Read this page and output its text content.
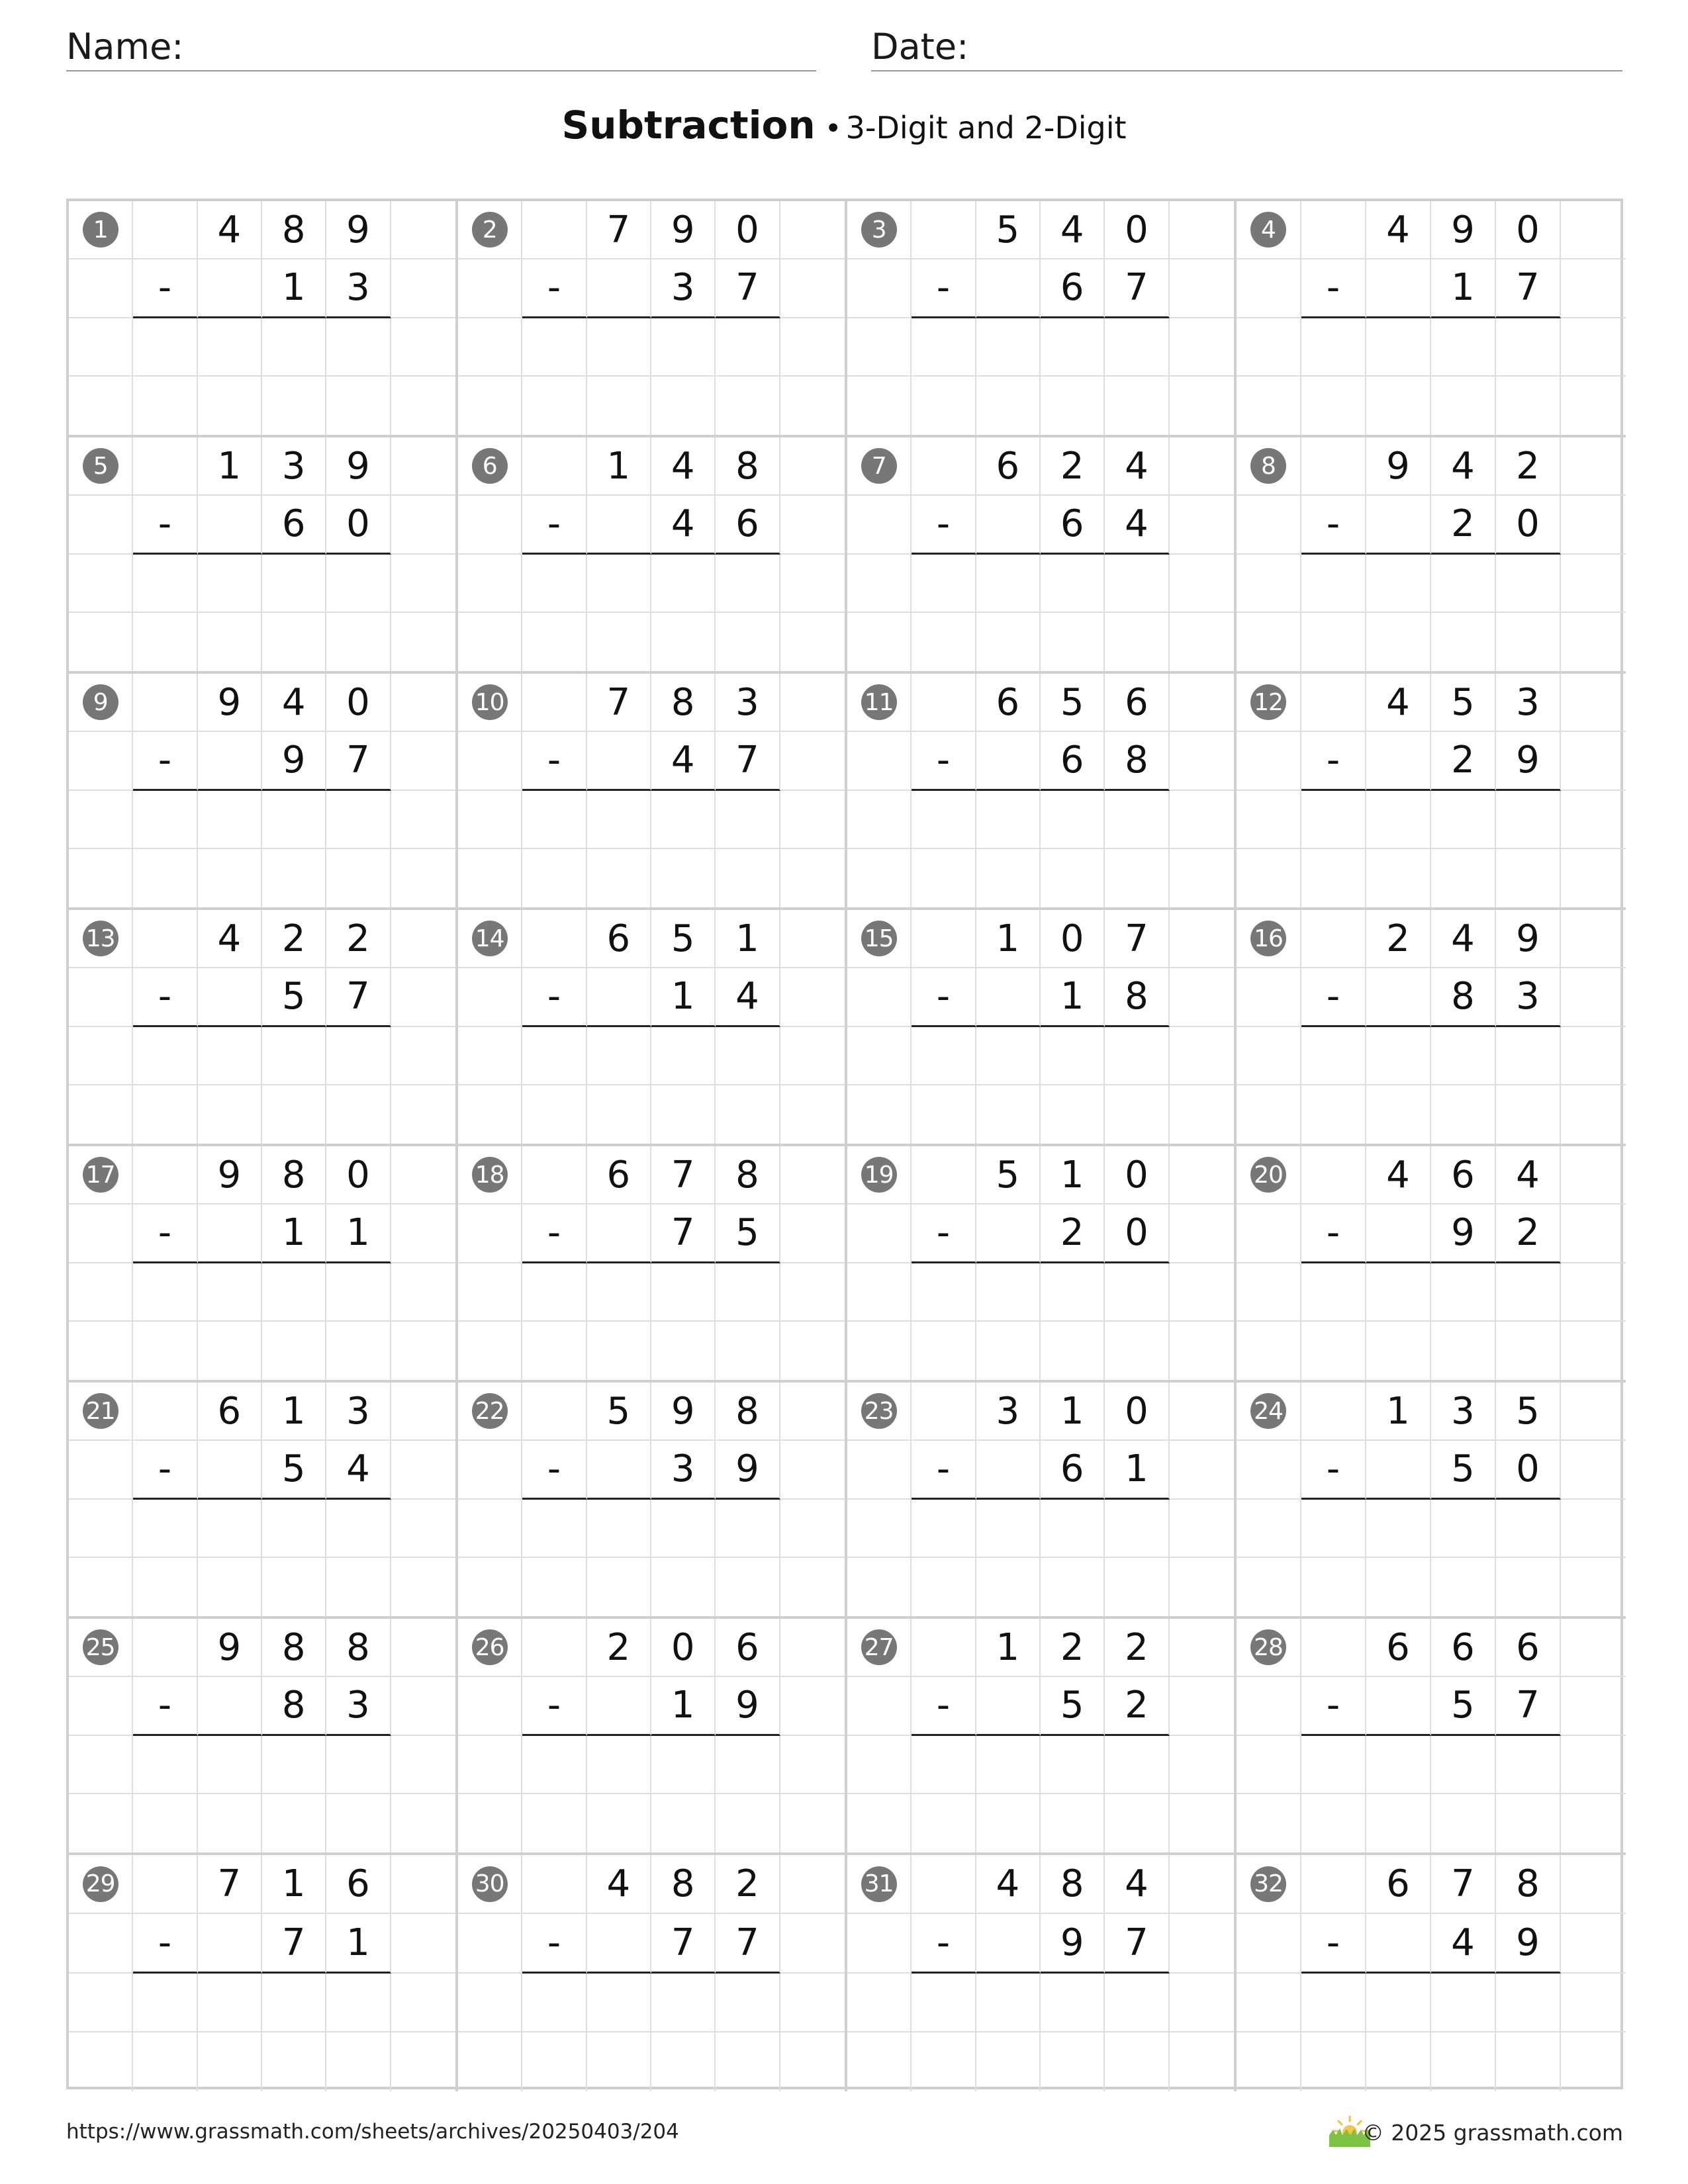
Name:	Date:
Subtraction • 3-Digit and 2-Digit
1	4	8	9
-	1	3
2	7	9	0
-	3	7
3	5	4	0
-	6	7
4	4	9	0
-	1	7
5	1	3	9
-	6	0
6	1	4	8
-	4	6
7	6	2	4
-	6	4
8	9	4	2
-	2	0
9	9	4	0
-	9	7
10	7	8	3
-	4	7
11	6	5	6
-	6	8
12	4	5	3
-	2	9
13	4	2	2
-	5	7
14	6	5	1
-	1	4
15	1	0	7
-	1	8
16	2	4	9
-	8	3
17	9	8	0
-	1	1
18	6	7	8
-	7	5
19	5	1	0
-	2	0
20	4	6	4
-	9	2
21	6	1	3
-	5	4
22	5	9	8
-	3	9
23	3	1	0
-	6	1
24	1	3	5
-	5	0
25	9	8	8
-	8	3
26	2	0	6
-	1	9
27	1	2	2
-	5	2
28	6	6	6
-	5	7
29	7	1	6
-	7	1
30	4	8	2
-	7	7
31	4	8	4
-	9	7
32	6	7	8
-	4	9
https://www.grassmath.com/sheets/archives/20250403/204	© 2025 grassmath.com
